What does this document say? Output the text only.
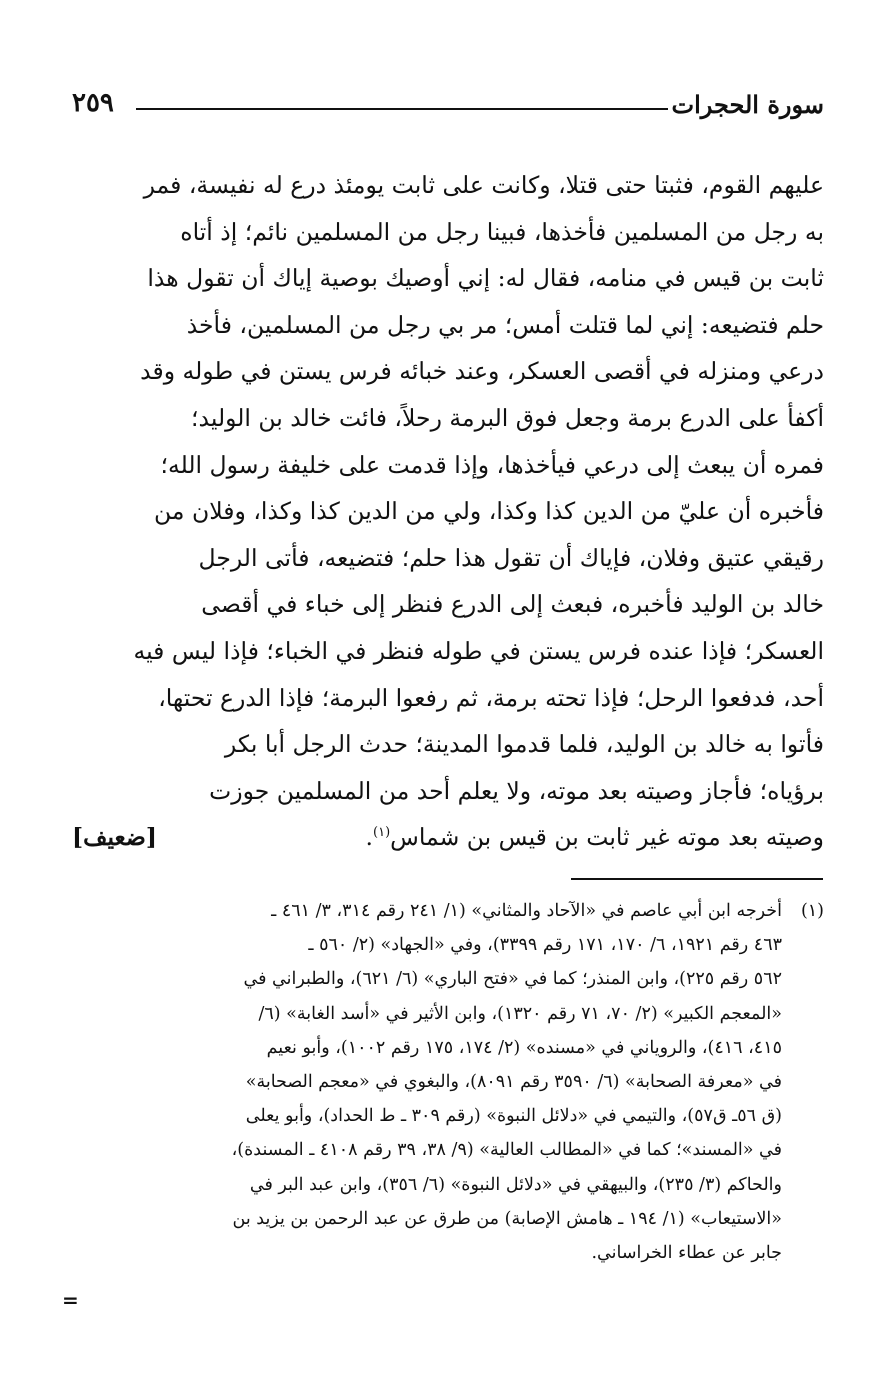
سورة الحجرات
٢٥٩
عليهم القوم، فثبتا حتى قتلا، وكانت على ثابت يومئذ درع له نفيسة، فمر
به رجل من المسلمين فأخذها، فبينا رجل من المسلمين نائم؛ إذ أتاه
ثابت بن قيس في منامه، فقال له: إني أوصيك بوصية إياك أن تقول هذا
حلم فتضيعه: إني لما قتلت أمس؛ مر بي رجل من المسلمين، فأخذ
درعي ومنزله في أقصى العسكر، وعند خبائه فرس يستن في طوله وقد
أكفأ على الدرع برمة وجعل فوق البرمة رحلاً، فائت خالد بن الوليد؛
فمره أن يبعث إلى درعي فيأخذها، وإذا قدمت على خليفة رسول الله؛
فأخبره أن عليّ من الدين كذا وكذا، ولي من الدين كذا وكذا، وفلان من
رقيقي عتيق وفلان، فإياك أن تقول هذا حلم؛ فتضيعه، فأتى الرجل
خالد بن الوليد فأخبره، فبعث إلى الدرع فنظر إلى خباء في أقصى
العسكر؛ فإذا عنده فرس يستن في طوله فنظر في الخباء؛ فإذا ليس فيه
أحد، فدفعوا الرحل؛ فإذا تحته برمة، ثم رفعوا البرمة؛ فإذا الدرع تحتها،
فأتوا به خالد بن الوليد، فلما قدموا المدينة؛ حدث الرجل أبا بكر
برؤياه؛ فأجاز وصيته بعد موته، ولا يعلم أحد من المسلمين جوزت
وصيته بعد موته غير ثابت بن قيس بن شماس$^{(١)}$.
[ضعيف]
(١)أخرجه ابن أبي عاصم في «الآحاد والمثاني» (١/ ٢٤١ رقم ٣١٤، ٣/ ٤٦١ ـ
٤٦٣ رقم ١٩٢١، ٦/ ١٧٠، ١٧١ رقم ٣٣٩٩)، وفي «الجهاد» (٢/ ٥٦٠ ـ
٥٦٢ رقم ٢٢٥)، وابن المنذر؛ كما في «فتح الباري» (٦/ ٦٢١)، والطبراني في
«المعجم الكبير» (٢/ ٧٠، ٧١ رقم ١٣٢٠)، وابن الأثير في «أسد الغابة» (٦/
٤١٥، ٤١٦)، والروياني في «مسنده» (٢/ ١٧٤، ١٧٥ رقم ١٠٠٢)، وأبو نعيم
في «معرفة الصحابة» (٦/ ٣٥٩٠ رقم ٨٠٩١)، والبغوي في «معجم الصحابة»
(ق ٥٦ـ ق٥٧)، والتيمي في «دلائل النبوة» (رقم ٣٠٩ ـ ط الحداد)، وأبو يعلى
في «المسند»؛ كما في «المطالب العالية» (٩/ ٣٨، ٣٩ رقم ٤١٠٨ ـ المسندة)،
والحاكم (٣/ ٢٣٥)، والبيهقي في «دلائل النبوة» (٦/ ٣٥٦)، وابن عبد البر في
«الاستيعاب» (١/ ١٩٤ ـ هامش الإصابة) من طرق عن عبد الرحمن بن يزيد بن
جابر عن عطاء الخراساني.
=
